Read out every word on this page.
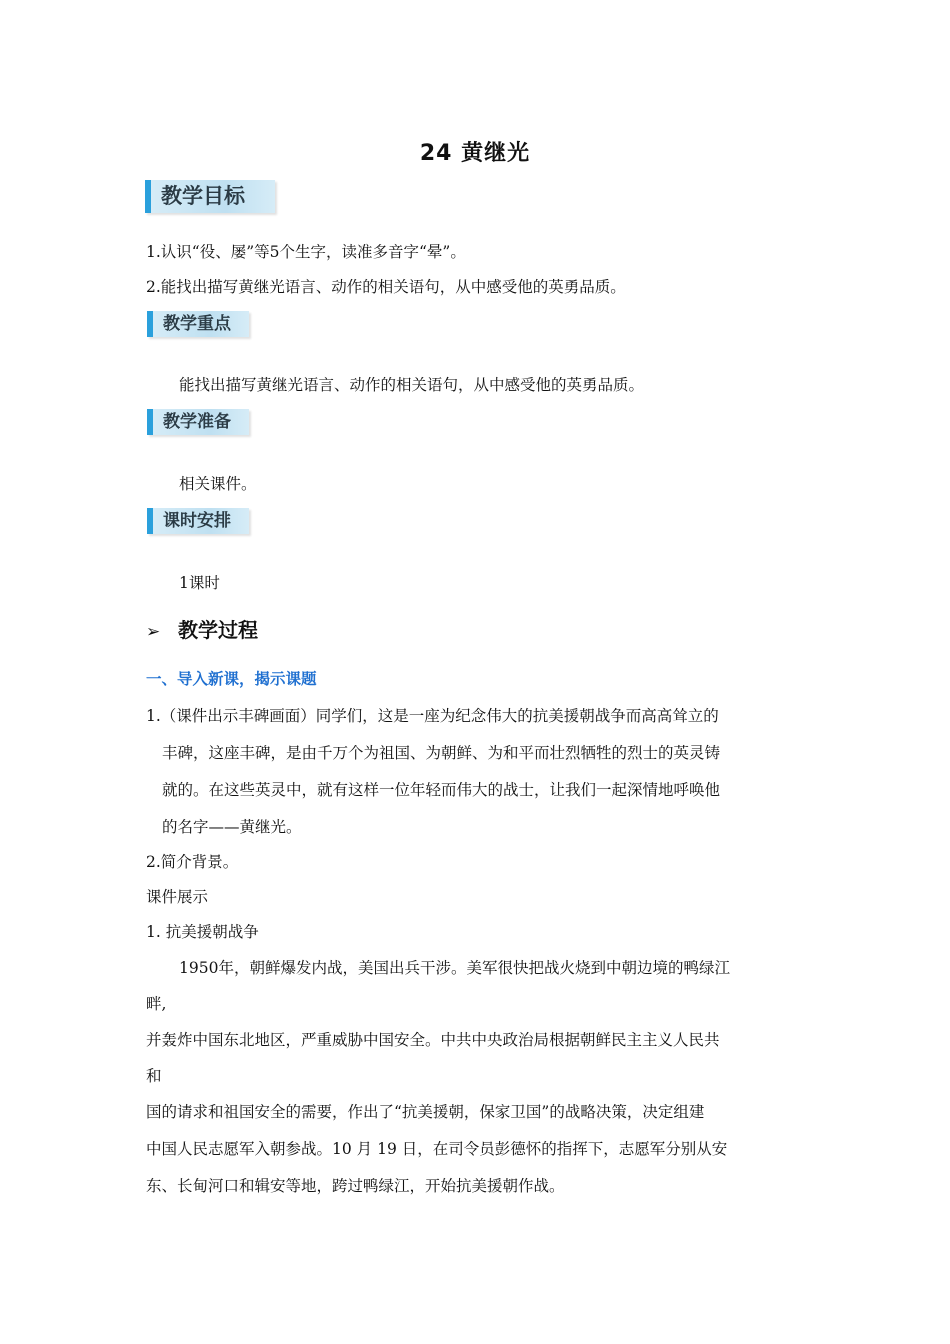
24 黄继光
教学目标
1.认识“役、屡”等5个生字，读准多音字“晕”。
2.能找出描写黄继光语言、动作的相关语句，从中感受他的英勇品质。
教学重点
能找出描写黄继光语言、动作的相关语句，从中感受他的英勇品质。
教学准备
相关课件。
课时安排
1课时
➢ 教学过程
一、导入新课，揭示课题
1.（课件出示丰碑画面）同学们，这是一座为纪念伟大的抗美援朝战争而高高耸立的
丰碑，这座丰碑，是由千万个为祖国、为朝鲜、为和平而壮烈牺牲的烈士的英灵铸
就的。在这些英灵中，就有这样一位年轻而伟大的战士，让我们一起深情地呼唤他
的名字——黄继光。
2.简介背景。
课件展示
1. 抗美援朝战争
1950年，朝鲜爆发内战，美国出兵干涉。美军很快把战火烧到中朝边境的鸭绿江
畔,
并轰炸中国东北地区，严重威胁中国安全。中共中央政治局根据朝鲜民主主义人民共
和
国的请求和祖国安全的需要，作出了“抗美援朝，保家卫国”的战略决策，决定组建
中国人民志愿军入朝参战。10 月 19 日，在司令员彭德怀的指挥下，志愿军分别从安
东、长甸河口和辑安等地，跨过鸭绿江，开始抗美援朝作战。
